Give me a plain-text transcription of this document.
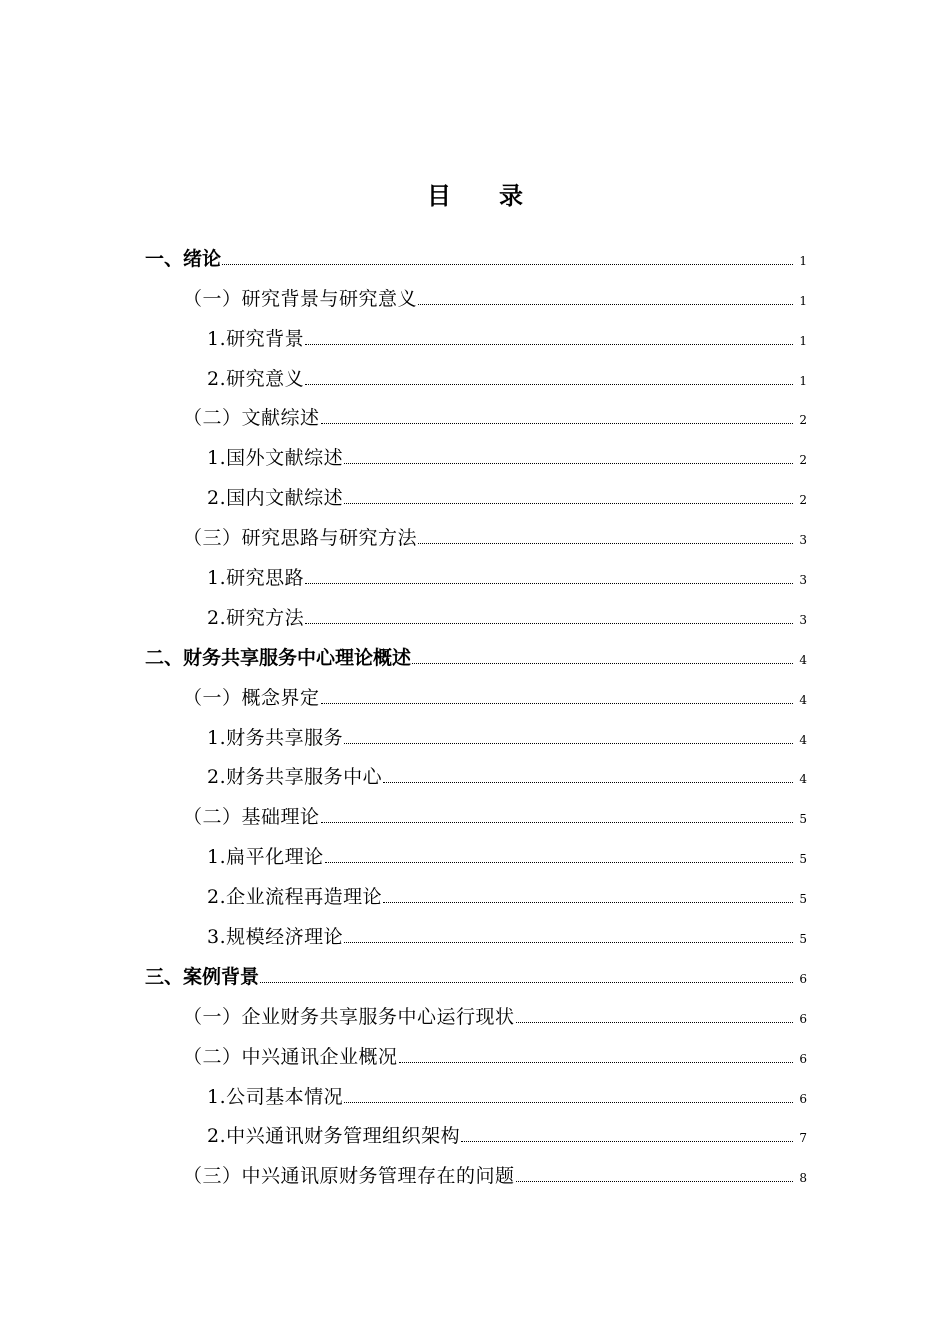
目 录
一、绪论	1
（一）研究背景与研究意义	1
1.研究背景	1
2.研究意义	1
（二）文献综述	2
1.国外文献综述	2
2.国内文献综述	2
（三）研究思路与研究方法	3
1.研究思路	3
2.研究方法	3
二、财务共享服务中心理论概述	4
（一）概念界定	4
1.财务共享服务	4
2.财务共享服务中心	4
（二）基础理论	5
1.扁平化理论	5
2.企业流程再造理论	5
3.规模经济理论	5
三、案例背景	6
（一）企业财务共享服务中心运行现状	6
（二）中兴通讯企业概况	6
1.公司基本情况	6
2.中兴通讯财务管理组织架构	7
（三）中兴通讯原财务管理存在的问题	8
